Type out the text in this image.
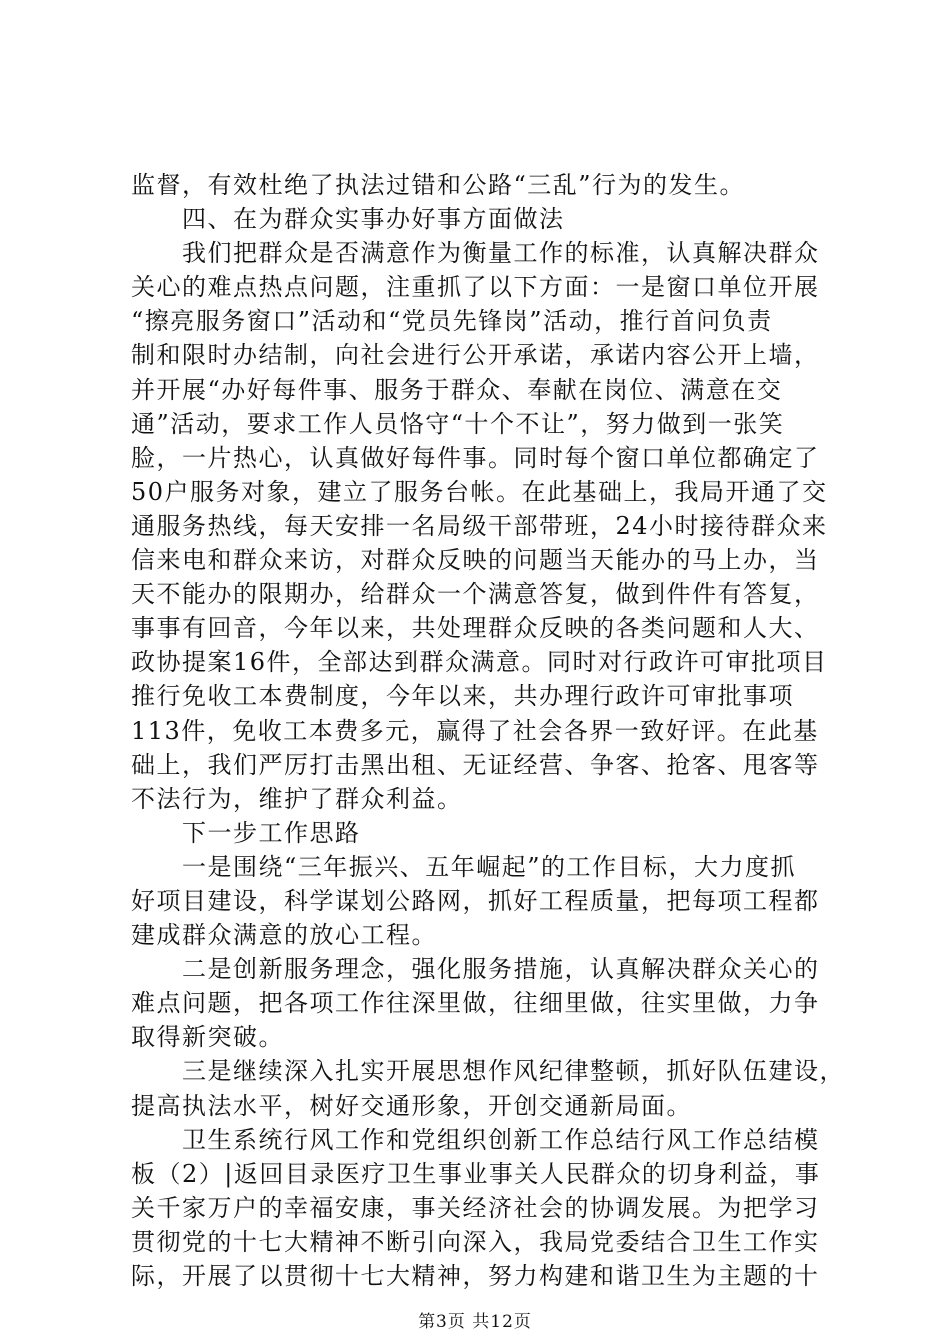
监督，有效杜绝了执法过错和公路“三乱”行为的发生。
　　四、在为群众实事办好事方面做法
　　我们把群众是否满意作为衡量工作的标准，认真解决群众
关心的难点热点问题，注重抓了以下方面：一是窗口单位开展
“擦亮服务窗口”活动和“党员先锋岗”活动，推行首问负责
制和限时办结制，向社会进行公开承诺，承诺内容公开上墙，
并开展“办好每件事、服务于群众、奉献在岗位、满意在交
通”活动，要求工作人员恪守“十个不让”，努力做到一张笑
脸，一片热心，认真做好每件事。同时每个窗口单位都确定了
50户服务对象，建立了服务台帐。在此基础上，我局开通了交
通服务热线，每天安排一名局级干部带班，24小时接待群众来
信来电和群众来访，对群众反映的问题当天能办的马上办，当
天不能办的限期办，给群众一个满意答复，做到件件有答复，
事事有回音，今年以来，共处理群众反映的各类问题和人大、
政协提案16件，全部达到群众满意。同时对行政许可审批项目
推行免收工本费制度，今年以来，共办理行政许可审批事项
113件，免收工本费多元，赢得了社会各界一致好评。在此基
础上，我们严厉打击黑出租、无证经营、争客、抢客、甩客等
不法行为，维护了群众利益。
　　下一步工作思路
　　一是围绕“三年振兴、五年崛起”的工作目标，大力度抓
好项目建设，科学谋划公路网，抓好工程质量，把每项工程都
建成群众满意的放心工程。
　　二是创新服务理念，强化服务措施，认真解决群众关心的
难点问题，把各项工作往深里做，往细里做，往实里做，力争
取得新突破。
　　三是继续深入扎实开展思想作风纪律整顿，抓好队伍建设，
提高执法水平，树好交通形象，开创交通新局面。
　　卫生系统行风工作和党组织创新工作总结行风工作总结模
板（2）|返回目录医疗卫生事业事关人民群众的切身利益，事
关千家万户的幸福安康，事关经济社会的协调发展。为把学习
贯彻党的十七大精神不断引向深入，我局党委结合卫生工作实
际，开展了以贯彻十七大精神，努力构建和谐卫生为主题的十
第3页 共12页
